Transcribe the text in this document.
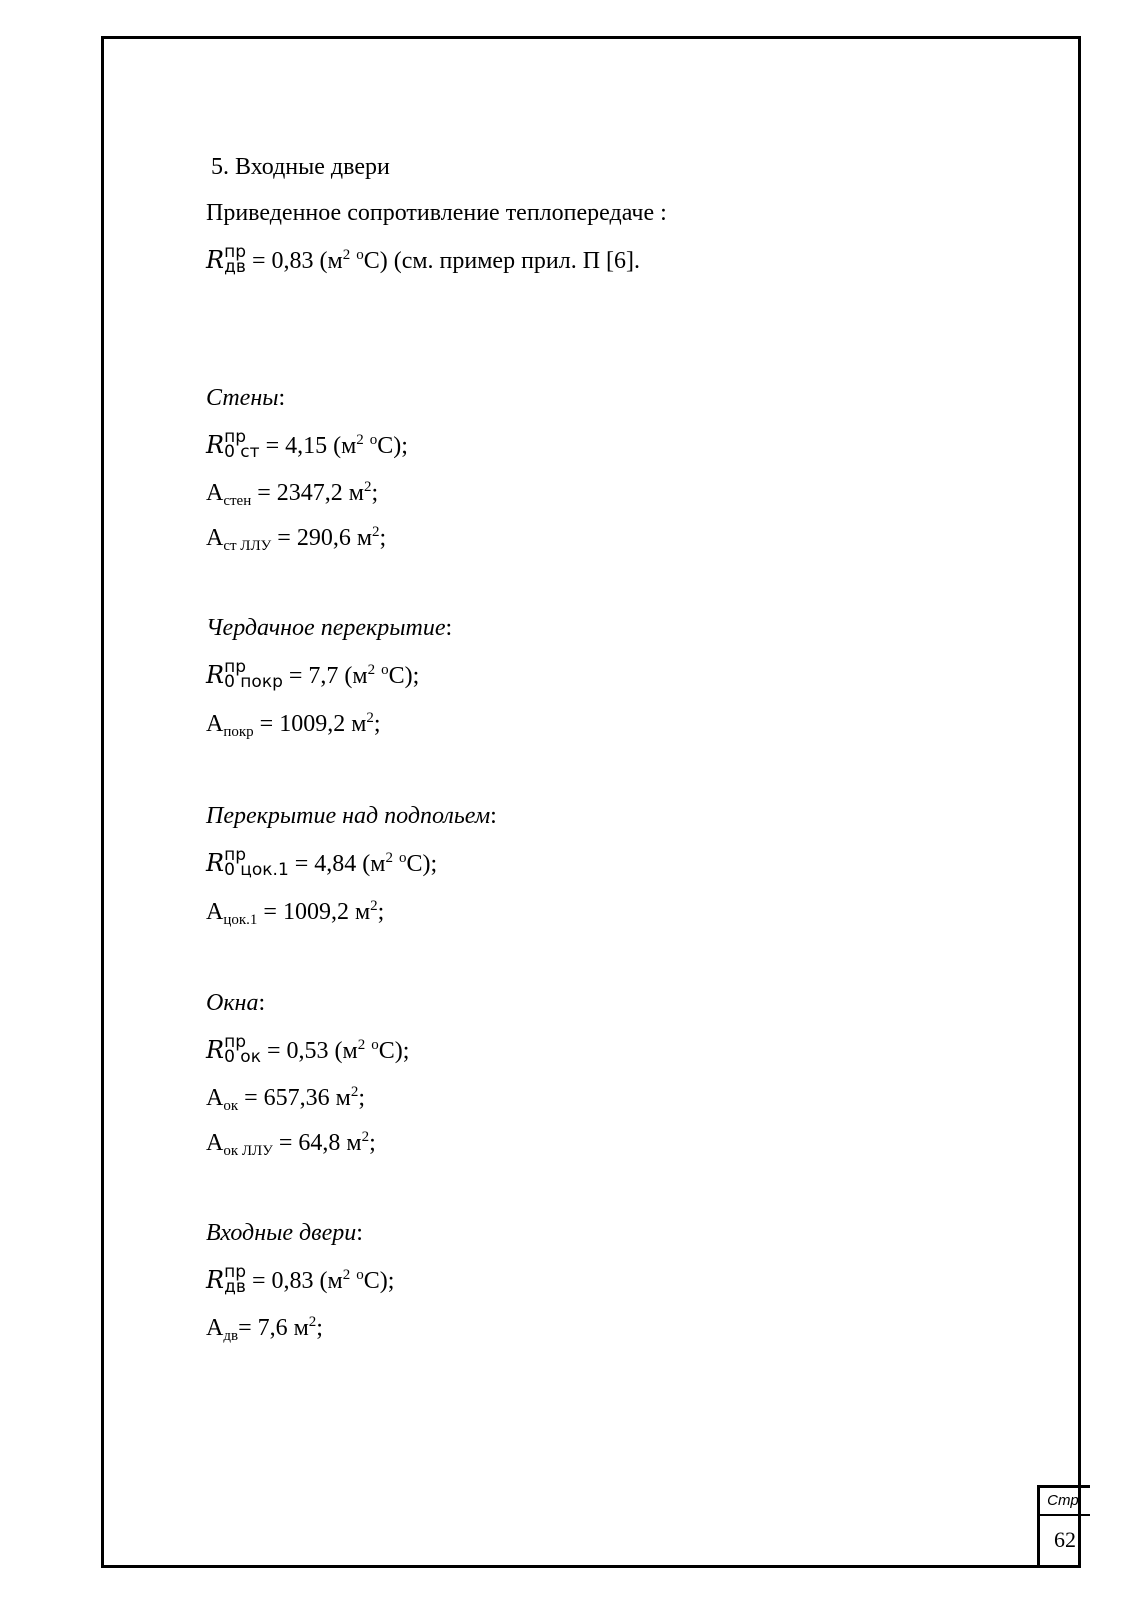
5. Входные двери
Приведенное сопротивление теплопередаче :
R пр
дв = 0,83 ($м^2$ $^о$С) (см. пример прил. П [6].
Стены:
R пр
0 ст = 4,15 ($м^2$ $^о$С);
$A_{стен} = 2347,2$ $м^2$;
$A_{ст ЛЛУ} = 290,6$ $м^2$;
Чердачное перекрытие:
R пр
0 покр = 7,7 ($м^2$ $^о$С);
$A_{покр} = 1009,2$ $м^2$;
Перекрытие над подпольем:
R пр
0 цок.1 = 4,84 ($м^2$ $^о$С);
$A_{цок.1} = 1009,2$ $м^2$;
Окна:
R пр
0 ок = 0,53 ($м^2$ $^о$С);
$A_{ок} = 657,36$ $м^2$;
$A_{ок ЛЛУ} = 64,8$ $м^2$;
Входные двери:
R пр
дв = 0,83 ($м^2$ $^о$С);
$A_{дв}= 7,6$ $м^2$;
Стр.
62
